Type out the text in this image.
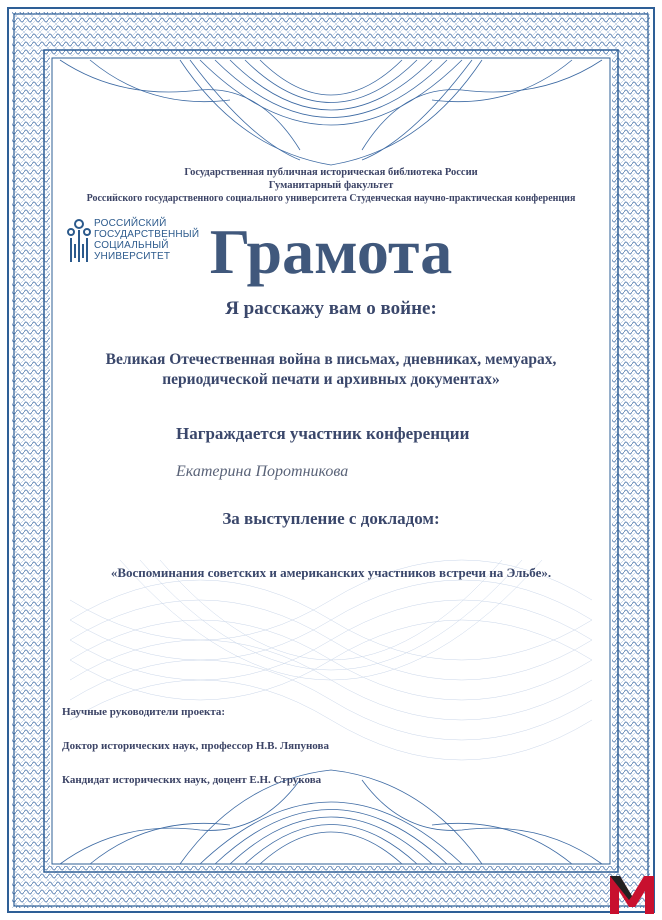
Государственная публичная историческая библиотека России
Гуманитарный факультет
Российского государственного социального университета Студенческая научно-практическая конференция
РОССИЙСКИЙ
ГОСУДАРСТВЕННЫЙ
СОЦИАЛЬНЫЙ
УНИВЕРСИТЕТ Грамота
Я расскажу вам о войне:
Великая Отечественная война в письмах, дневниках, мемуарах,
периодической печати и архивных документах»
Награждается участник конференции
Екатерина Поротникова
За выступление с докладом:
«Воспоминания советских и американских участников встречи на Эльбе».
Научные руководители проекта:
Доктор исторических наук, профессор Н.В. Ляпунова
Кандидат исторических наук, доцент Е.Н. Струкова
